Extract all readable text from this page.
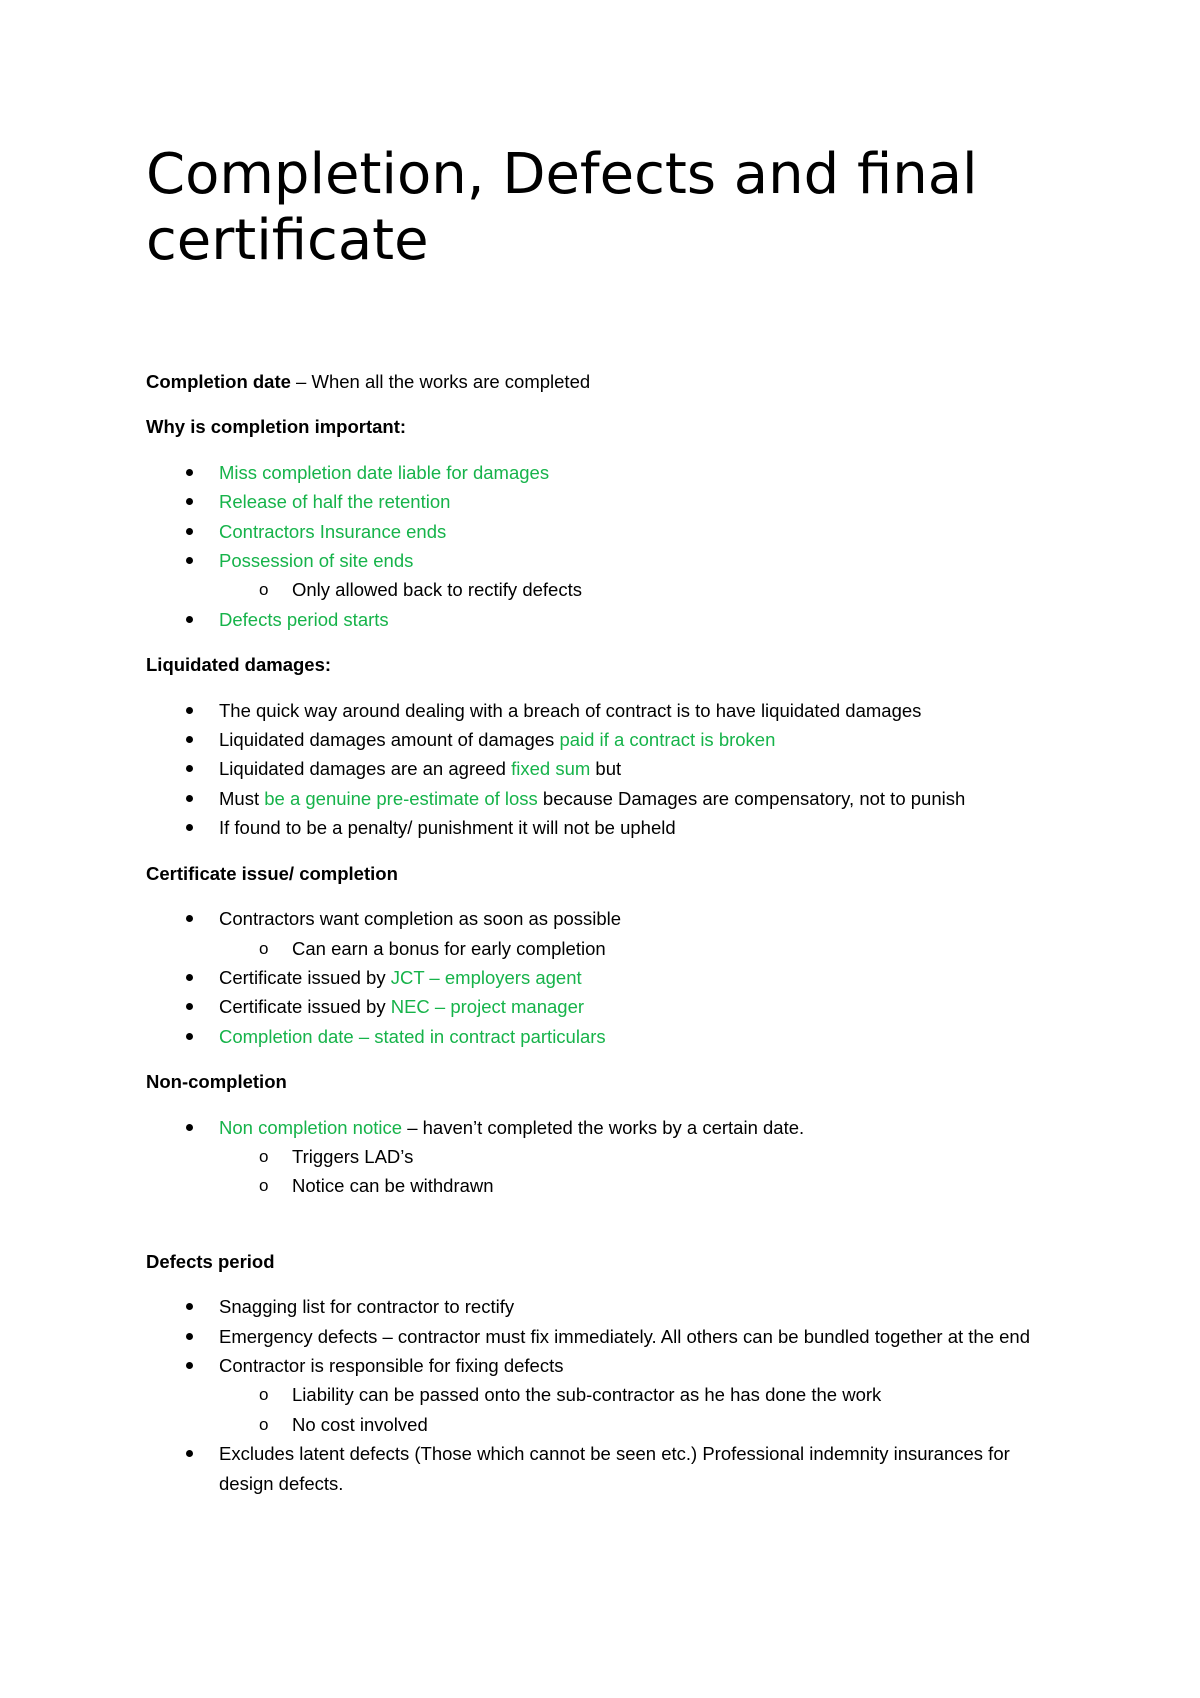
Completion, Defects and final certificate

Completion date – When all the works are completed

Why is completion important:

Miss completion date liable for damages
Release of half the retention
Contractors Insurance ends
Possession of site ends
o Only allowed back to rectify defects
Defects period starts

Liquidated damages:

The quick way around dealing with a breach of contract is to have liquidated damages
Liquidated damages amount of damages paid if a contract is broken
Liquidated damages are an agreed fixed sum but
Must be a genuine pre-estimate of loss because Damages are compensatory, not to punish
If found to be a penalty/ punishment it will not be upheld

Certificate issue/ completion

Contractors want completion as soon as possible
o Can earn a bonus for early completion
Certificate issued by JCT – employers agent
Certificate issued by NEC – project manager
Completion date – stated in contract particulars

Non-completion

Non completion notice – haven’t completed the works by a certain date.
o Triggers LAD’s
o Notice can be withdrawn

Defects period

Snagging list for contractor to rectify
Emergency defects – contractor must fix immediately. All others can be bundled together at the end
Contractor is responsible for fixing defects
o Liability can be passed onto the sub-contractor as he has done the work
o No cost involved
Excludes latent defects (Those which cannot be seen etc.) Professional indemnity insurances for design defects.
